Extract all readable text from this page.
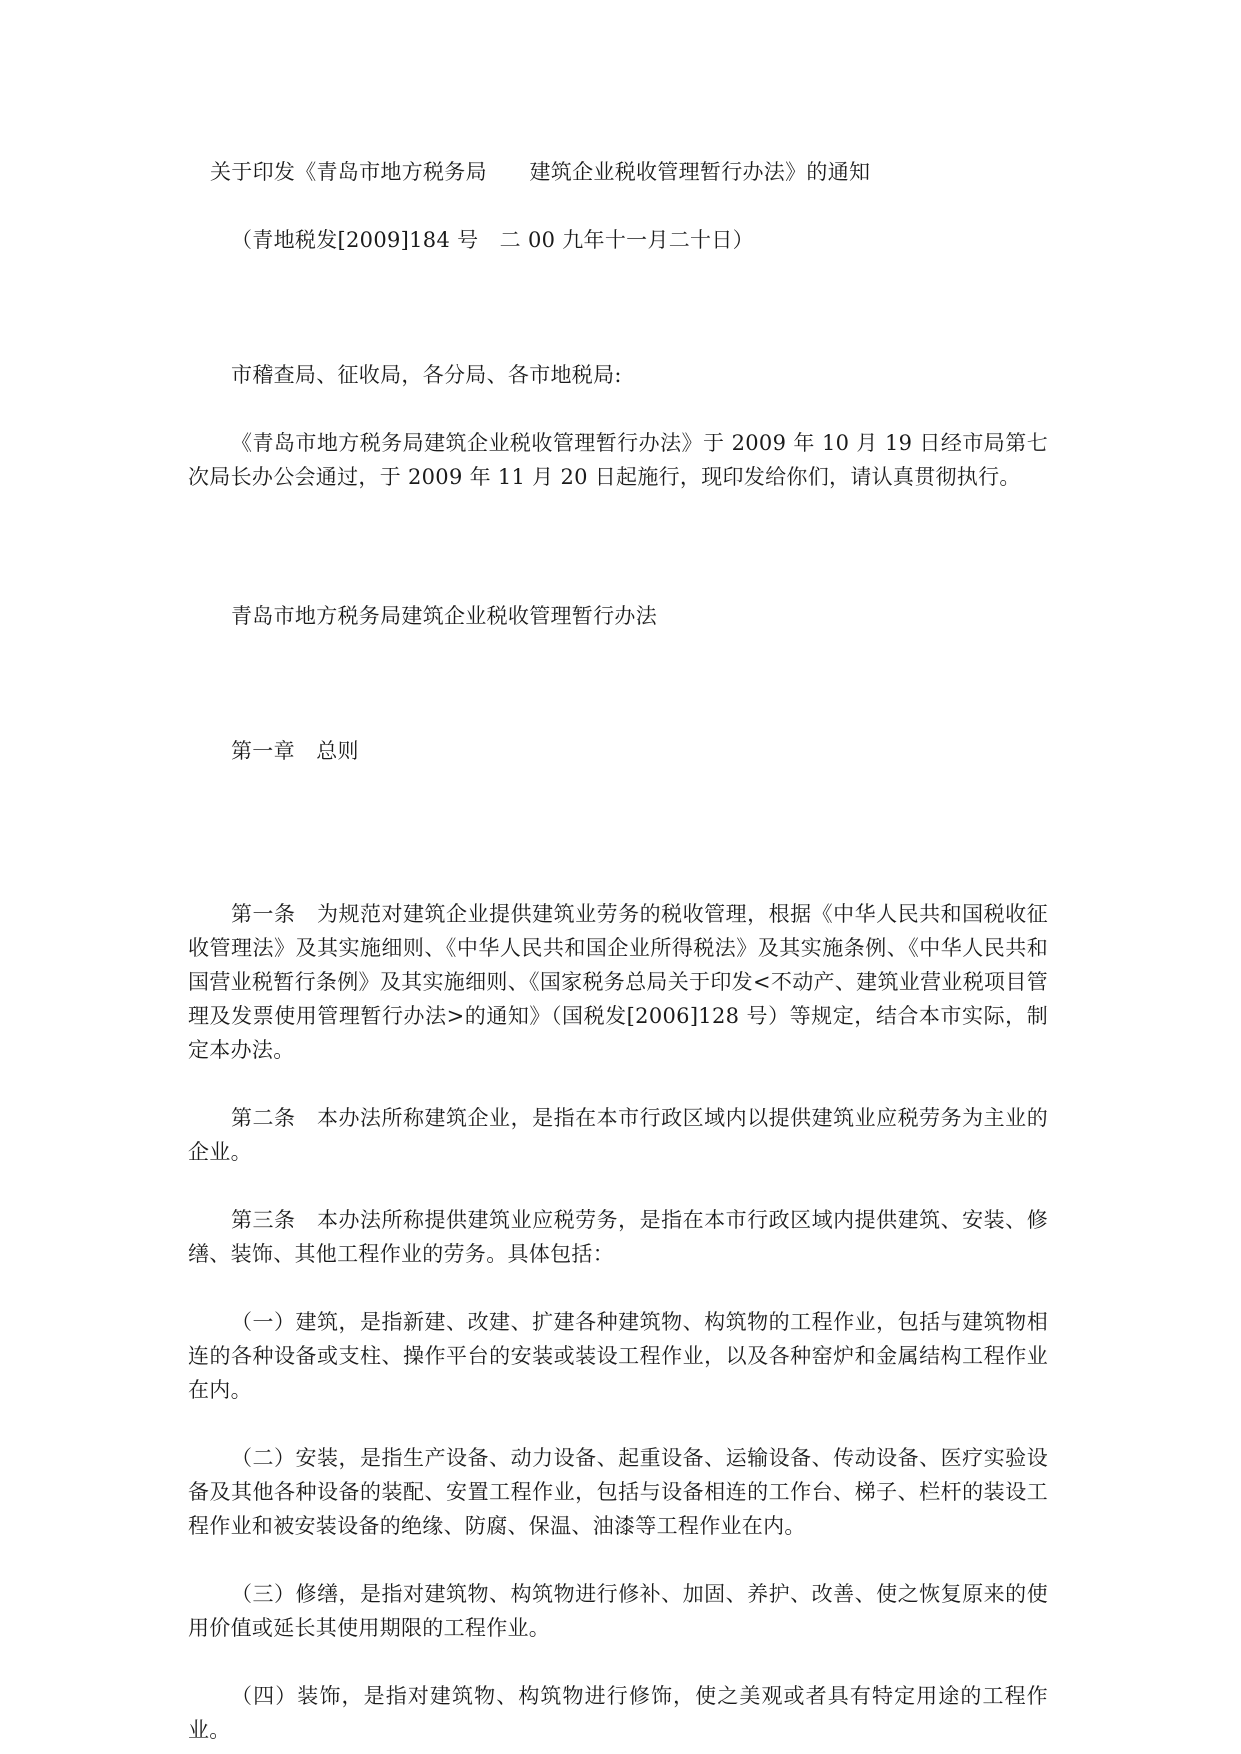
关于印发《青岛市地方税务局　　建筑企业税收管理暂行办法》的通知

（青地税发[2009]184 号　二 00 九年十一月二十日）

市稽查局、征收局，各分局、各市地税局:

《青岛市地方税务局建筑企业税收管理暂行办法》于 2009 年 10 月 19 日经市局第七次局长办公会通过，于 2009 年 11 月 20 日起施行，现印发给你们，请认真贯彻执行。

青岛市地方税务局建筑企业税收管理暂行办法

第一章　总则

第一条　为规范对建筑企业提供建筑业劳务的税收管理，根据《中华人民共和国税收征收管理法》及其实施细则、《中华人民共和国企业所得税法》及其实施条例、《中华人民共和国营业税暂行条例》及其实施细则、《国家税务总局关于印发<不动产、建筑业营业税项目管理及发票使用管理暂行办法>的通知》（国税发[2006]128 号）等规定，结合本市实际，制定本办法。

第二条　本办法所称建筑企业，是指在本市行政区域内以提供建筑业应税劳务为主业的企业。

第三条　本办法所称提供建筑业应税劳务，是指在本市行政区域内提供建筑、安装、修缮、装饰、其他工程作业的劳务。具体包括：

（一）建筑，是指新建、改建、扩建各种建筑物、构筑物的工程作业，包括与建筑物相连的各种设备或支柱、操作平台的安装或装设工程作业，以及各种窑炉和金属结构工程作业在内。

（二）安装，是指生产设备、动力设备、起重设备、运输设备、传动设备、医疗实验设备及其他各种设备的装配、安置工程作业，包括与设备相连的工作台、梯子、栏杆的装设工程作业和被安装设备的绝缘、防腐、保温、油漆等工程作业在内。

（三）修缮，是指对建筑物、构筑物进行修补、加固、养护、改善、使之恢复原来的使用价值或延长其使用期限的工程作业。

（四）装饰，是指对建筑物、构筑物进行修饰，使之美观或者具有特定用途的工程作业。
